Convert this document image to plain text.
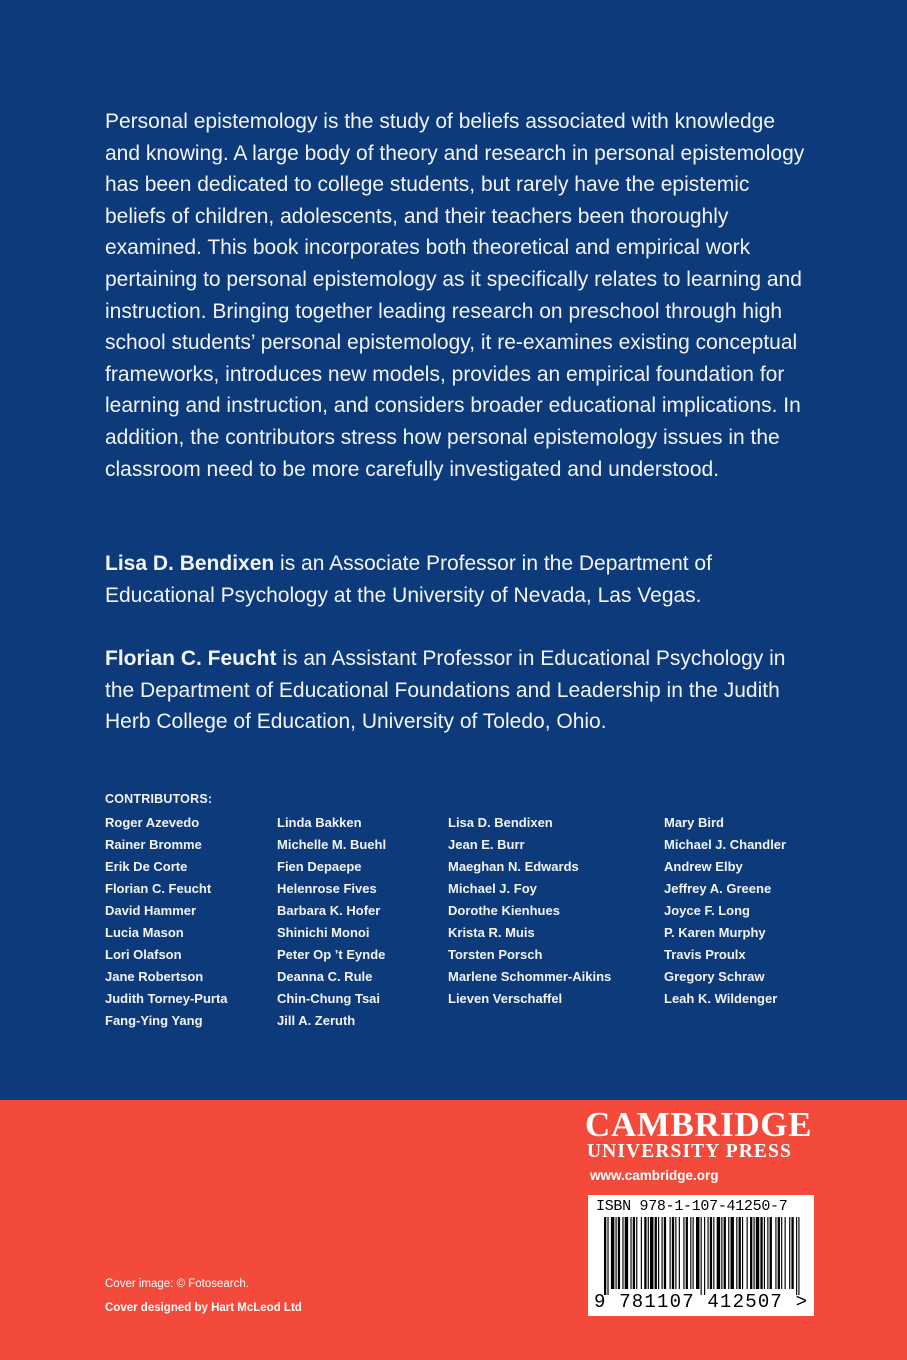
Personal epistemology is the study of beliefs associated with knowledge and knowing. A large body of theory and research in personal epistemology has been dedicated to college students, but rarely have the epistemic beliefs of children, adolescents, and their teachers been thoroughly examined. This book incorporates both theoretical and empirical work pertaining to personal epistemology as it specifically relates to learning and instruction. Bringing together leading research on preschool through high school students’ personal epistemology, it re-examines existing conceptual frameworks, introduces new models, provides an empirical foundation for learning and instruction, and considers broader educational implications. In addition, the contributors stress how personal epistemology issues in the classroom need to be more carefully investigated and understood.

Lisa D. Bendixen is an Associate Professor in the Department of Educational Psychology at the University of Nevada, Las Vegas.

Florian C. Feucht is an Assistant Professor in Educational Psychology in the Department of Educational Foundations and Leadership in the Judith Herb College of Education, University of Toledo, Ohio.

CONTRIBUTORS:
Roger Azevedo
Rainer Bromme
Erik De Corte
Florian C. Feucht
David Hammer
Lucia Mason
Lori Olafson
Jane Robertson
Judith Torney-Purta
Fang-Ying Yang
Linda Bakken
Michelle M. Buehl
Fien Depaepe
Helenrose Fives
Barbara K. Hofer
Shinichi Monoi
Peter Op ’t Eynde
Deanna C. Rule
Chin-Chung Tsai
Jill A. Zeruth
Lisa D. Bendixen
Jean E. Burr
Maeghan N. Edwards
Michael J. Foy
Dorothe Kienhues
Krista R. Muis
Torsten Porsch
Marlene Schommer-Aikins
Lieven Verschaffel
Mary Bird
Michael J. Chandler
Andrew Elby
Jeffrey A. Greene
Joyce F. Long
P. Karen Murphy
Travis Proulx
Gregory Schraw
Leah K. Wildenger
CAMBRIDGE
UNIVERSITY PRESS
www.cambridge.org
ISBN 978-1-107-41250-7
9 781107 412507 >
Cover image: © Fotosearch.
Cover designed by Hart McLeod Ltd
